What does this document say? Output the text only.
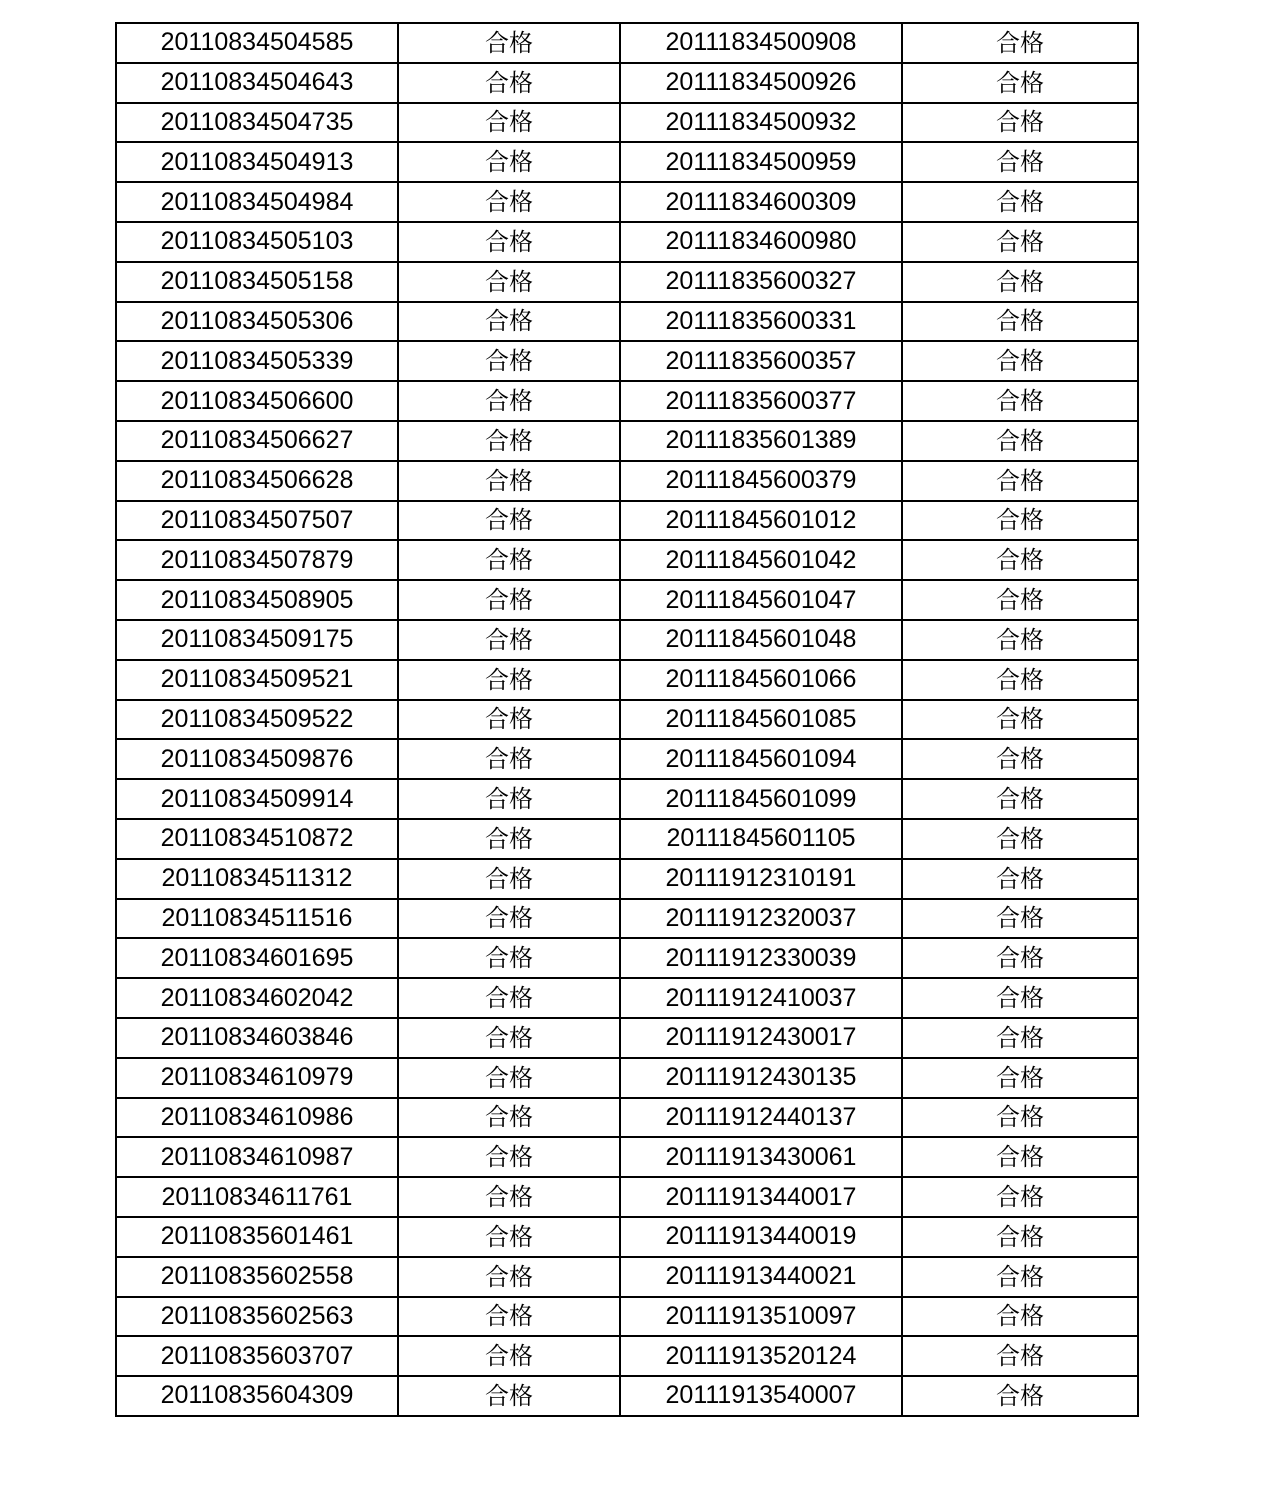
20110834504585	合格	20111834500908	合格
20110834504643	合格	20111834500926	合格
20110834504735	合格	20111834500932	合格
20110834504913	合格	20111834500959	合格
20110834504984	合格	20111834600309	合格
20110834505103	合格	20111834600980	合格
20110834505158	合格	20111835600327	合格
20110834505306	合格	20111835600331	合格
20110834505339	合格	20111835600357	合格
20110834506600	合格	20111835600377	合格
20110834506627	合格	20111835601389	合格
20110834506628	合格	20111845600379	合格
20110834507507	合格	20111845601012	合格
20110834507879	合格	20111845601042	合格
20110834508905	合格	20111845601047	合格
20110834509175	合格	20111845601048	合格
20110834509521	合格	20111845601066	合格
20110834509522	合格	20111845601085	合格
20110834509876	合格	20111845601094	合格
20110834509914	合格	20111845601099	合格
20110834510872	合格	20111845601105	合格
20110834511312	合格	20111912310191	合格
20110834511516	合格	20111912320037	合格
20110834601695	合格	20111912330039	合格
20110834602042	合格	20111912410037	合格
20110834603846	合格	20111912430017	合格
20110834610979	合格	20111912430135	合格
20110834610986	合格	20111912440137	合格
20110834610987	合格	20111913430061	合格
20110834611761	合格	20111913440017	合格
20110835601461	合格	20111913440019	合格
20110835602558	合格	20111913440021	合格
20110835602563	合格	20111913510097	合格
20110835603707	合格	20111913520124	合格
20110835604309	合格	20111913540007	合格
